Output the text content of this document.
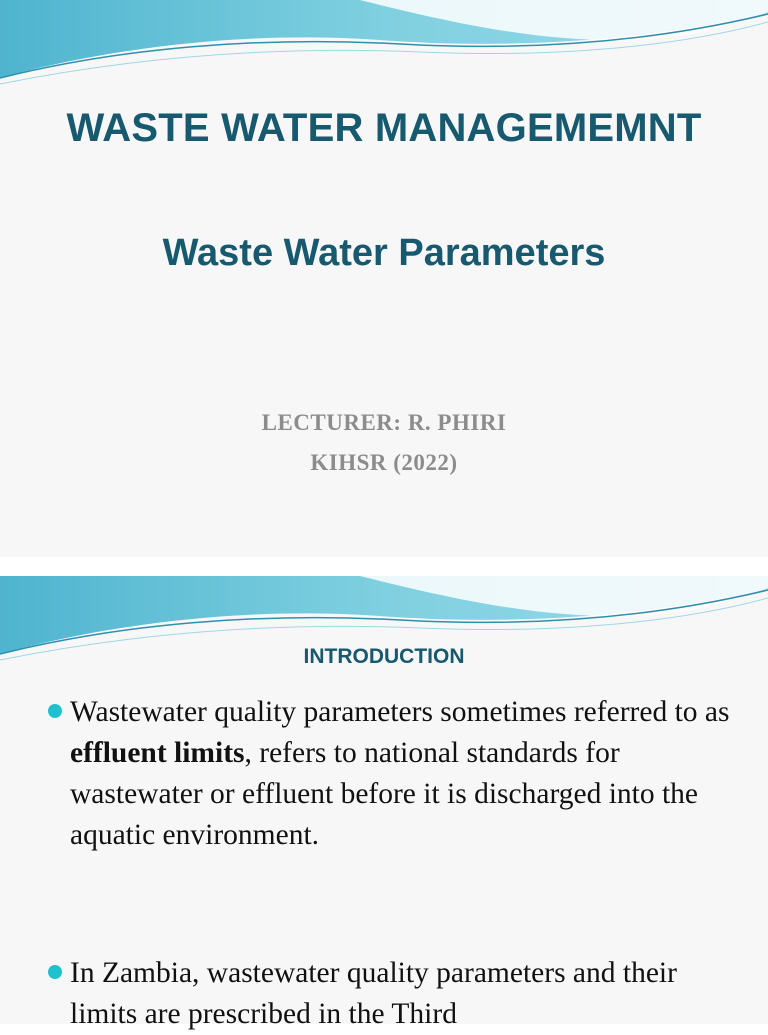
WASTE WATER MANAGEMEMNT
Waste Water Parameters
LECTURER: R. PHIRI
KIHSR (2022)
INTRODUCTION
Wastewater quality parameters sometimes referred to as effluent limits, refers to national standards for wastewater or effluent before it is discharged into the aquatic environment.
In Zambia, wastewater quality parameters and their limits are prescribed in the Third
